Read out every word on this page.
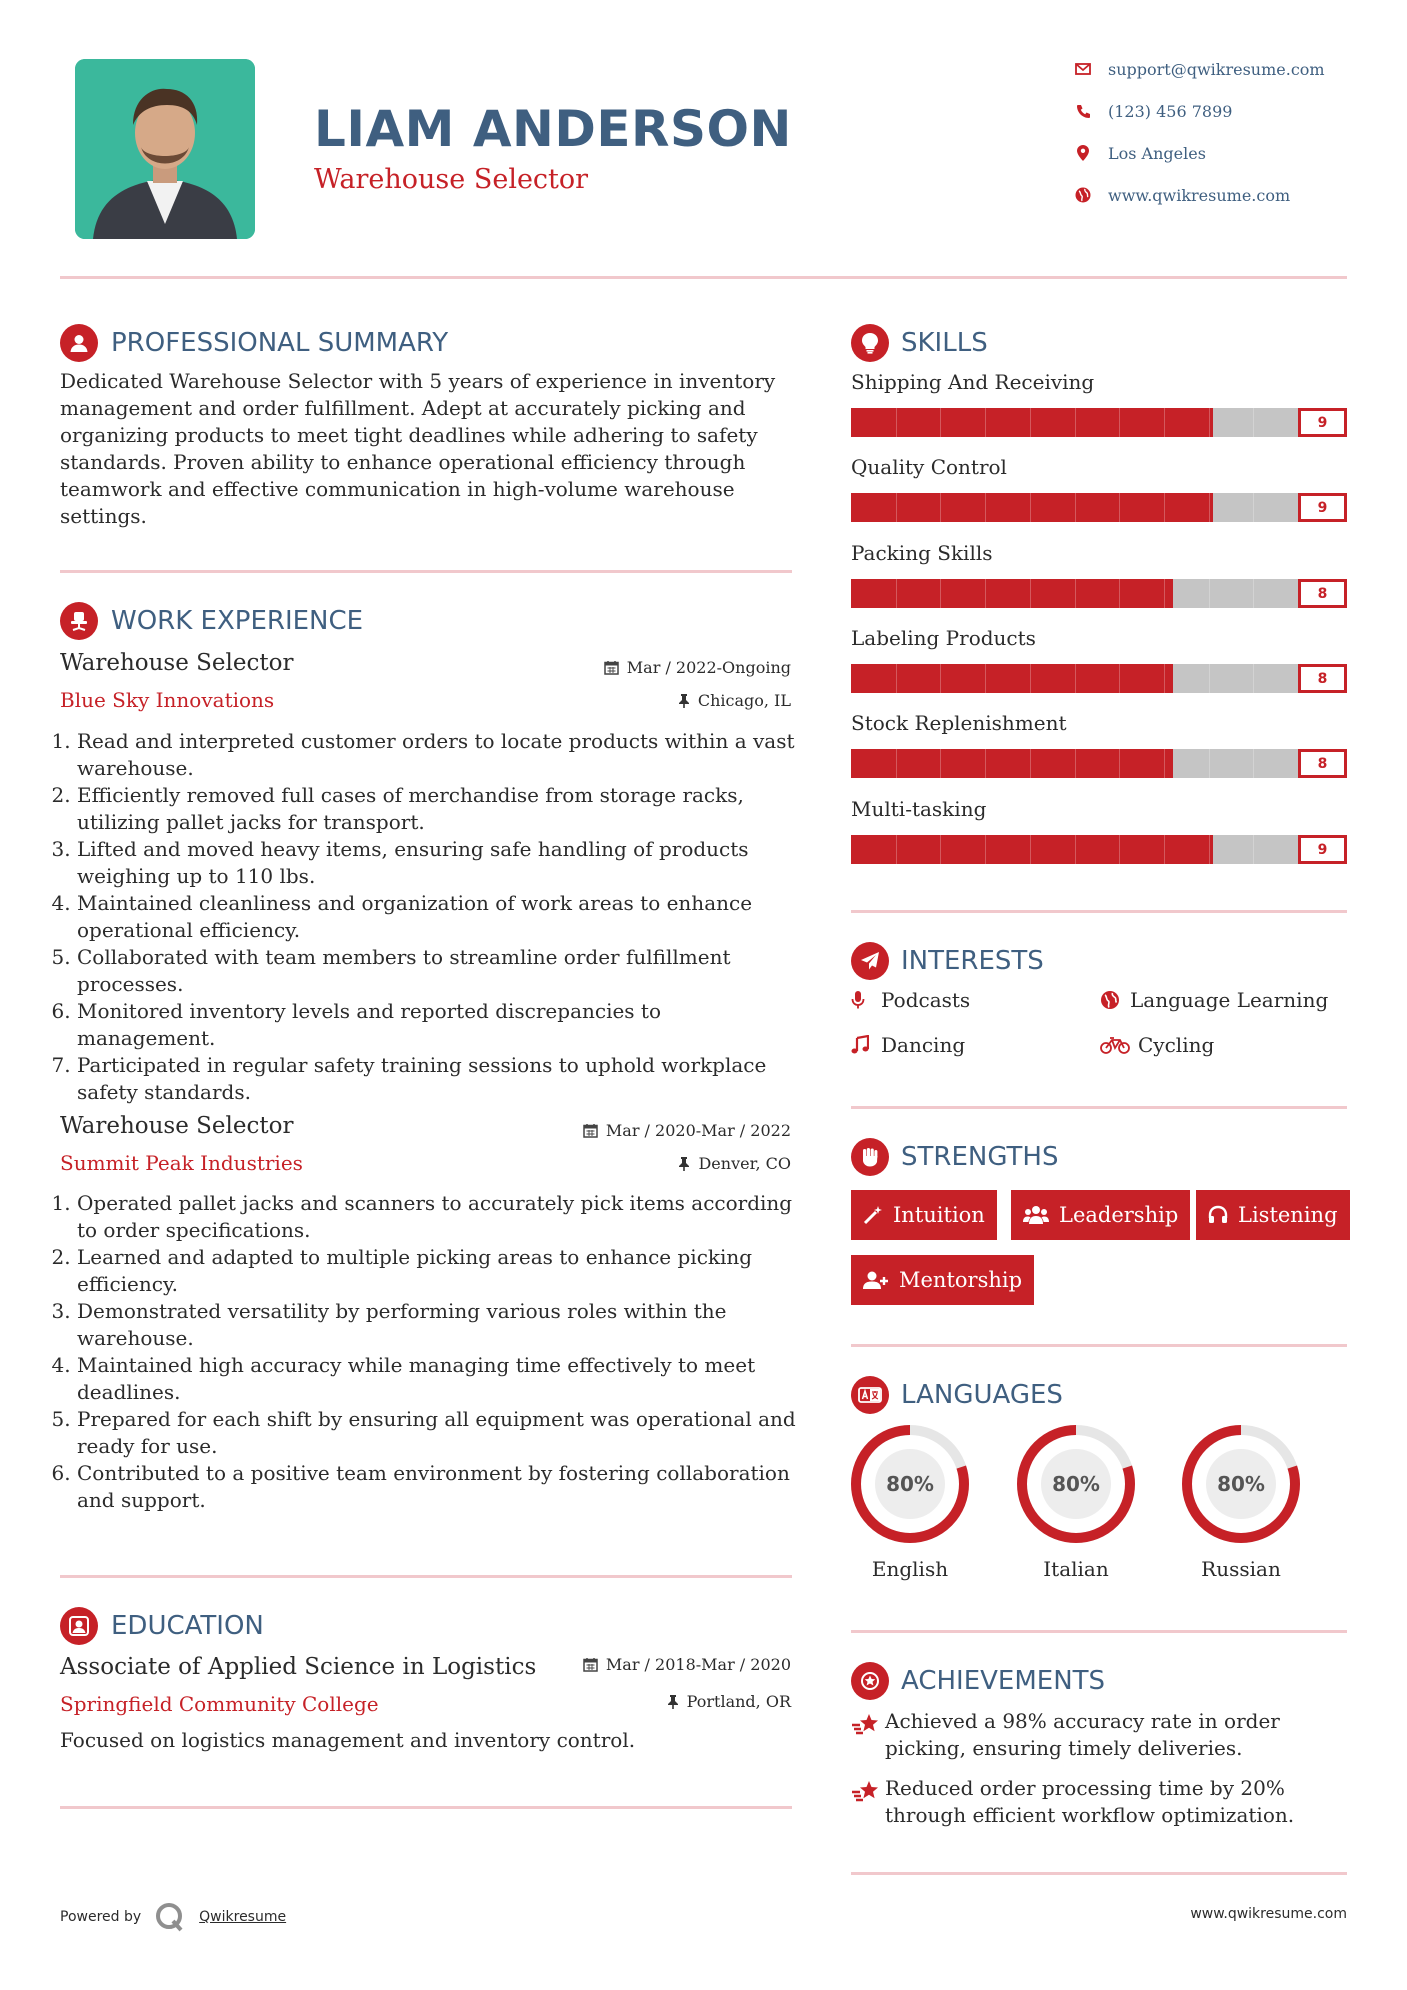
LIAM ANDERSON
Warehouse Selector
support@qwikresume.com
(123) 456 7899
Los Angeles
www.qwikresume.com
PROFESSIONAL SUMMARY
Dedicated Warehouse Selector with 5 years of experience in inventory management and order fulfillment. Adept at accurately picking and organizing products to meet tight deadlines while adhering to safety standards. Proven ability to enhance operational efficiency through teamwork and effective communication in high-volume warehouse settings.
WORK EXPERIENCE
Warehouse Selector
Blue Sky Innovations
Mar / 2022-Ongoing
Chicago, IL
1. Read and interpreted customer orders to locate products within a vast warehouse.
2. Efficiently removed full cases of merchandise from storage racks, utilizing pallet jacks for transport.
3. Lifted and moved heavy items, ensuring safe handling of products weighing up to 110 lbs.
4. Maintained cleanliness and organization of work areas to enhance operational efficiency.
5. Collaborated with team members to streamline order fulfillment processes.
6. Monitored inventory levels and reported discrepancies to management.
7. Participated in regular safety training sessions to uphold workplace safety standards.
Warehouse Selector
Summit Peak Industries
Mar / 2020-Mar / 2022
Denver, CO
1. Operated pallet jacks and scanners to accurately pick items according to order specifications.
2. Learned and adapted to multiple picking areas to enhance picking efficiency.
3. Demonstrated versatility by performing various roles within the warehouse.
4. Maintained high accuracy while managing time effectively to meet deadlines.
5. Prepared for each shift by ensuring all equipment was operational and ready for use.
6. Contributed to a positive team environment by fostering collaboration and support.
EDUCATION
Associate of Applied Science in Logistics
Springfield Community College
Mar / 2018-Mar / 2020
Portland, OR
Focused on logistics management and inventory control.
SKILLS
Shipping And Receiving
9
Quality Control
9
Packing Skills
8
Labeling Products
8
Stock Replenishment
8
Multi-tasking
9
INTERESTS
Podcasts	Language Learning
Dancing	Cycling
STRENGTHS
Intuition	Leadership	Listening
Mentorship
LANGUAGES
80%
English
80%
Italian
80%
Russian
ACHIEVEMENTS
Achieved a 98% accuracy rate in order picking, ensuring timely deliveries.
Reduced order processing time by 20% through efficient workflow optimization.
Powered by	Qwikresume	www.qwikresume.com
